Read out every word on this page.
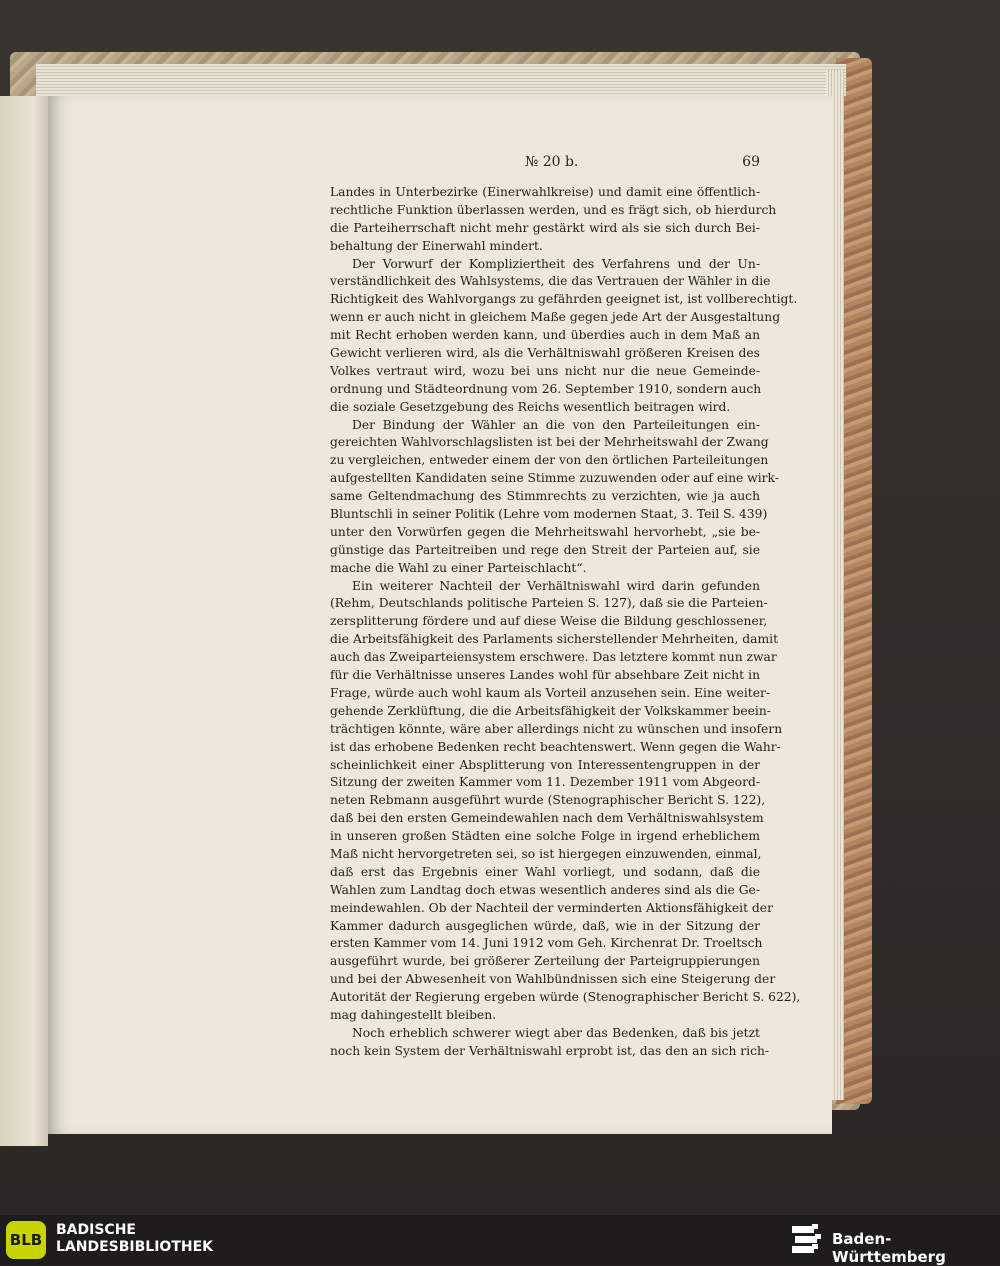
№ 20 b.	69
Landes in Unterbezirke (Einerwahlkreise) und damit eine öffentlich-
rechtliche Funktion überlassen werden, und es frägt sich, ob hierdurch
die Parteiherrschaft nicht mehr gestärkt wird als sie sich durch Bei-
behaltung der Einerwahl mindert.
Der Vorwurf der Kompliziertheit des Verfahrens und der Un-
verständlichkeit des Wahlsystems, die das Vertrauen der Wähler in die
Richtigkeit des Wahlvorgangs zu gefährden geeignet ist, ist vollberechtigt.
wenn er auch nicht in gleichem Maße gegen jede Art der Ausgestaltung
mit Recht erhoben werden kann, und überdies auch in dem Maß an
Gewicht verlieren wird, als die Verhältniswahl größeren Kreisen des
Volkes vertraut wird, wozu bei uns nicht nur die neue Gemeinde-
ordnung und Städteordnung vom 26. September 1910, sondern auch
die soziale Gesetzgebung des Reichs wesentlich beitragen wird.
Der Bindung der Wähler an die von den Parteileitungen ein-
gereichten Wahlvorschlagslisten ist bei der Mehrheitswahl der Zwang
zu vergleichen, entweder einem der von den örtlichen Parteileitungen
aufgestellten Kandidaten seine Stimme zuzuwenden oder auf eine wirk-
same Geltendmachung des Stimmrechts zu verzichten, wie ja auch
Bluntschli in seiner Politik (Lehre vom modernen Staat, 3. Teil S. 439)
unter den Vorwürfen gegen die Mehrheitswahl hervorhebt, „sie be-
günstige das Parteitreiben und rege den Streit der Parteien auf, sie
mache die Wahl zu einer Parteischlacht“.
Ein weiterer Nachteil der Verhältniswahl wird darin gefunden
(Rehm, Deutschlands politische Parteien S. 127), daß sie die Parteien-
zersplitterung fördere und auf diese Weise die Bildung geschlossener,
die Arbeitsfähigkeit des Parlaments sicherstellender Mehrheiten, damit
auch das Zweiparteiensystem erschwere. Das letztere kommt nun zwar
für die Verhältnisse unseres Landes wohl für absehbare Zeit nicht in
Frage, würde auch wohl kaum als Vorteil anzusehen sein. Eine weiter-
gehende Zerklüftung, die die Arbeitsfähigkeit der Volkskammer beein-
trächtigen könnte, wäre aber allerdings nicht zu wünschen und insofern
ist das erhobene Bedenken recht beachtenswert. Wenn gegen die Wahr-
scheinlichkeit einer Absplitterung von Interessentengruppen in der
Sitzung der zweiten Kammer vom 11. Dezember 1911 vom Abgeord-
neten Rebmann ausgeführt wurde (Stenographischer Bericht S. 122),
daß bei den ersten Gemeindewahlen nach dem Verhältniswahlsystem
in unseren großen Städten eine solche Folge in irgend erheblichem
Maß nicht hervorgetreten sei, so ist hiergegen einzuwenden, einmal,
daß erst das Ergebnis einer Wahl vorliegt, und sodann, daß die
Wahlen zum Landtag doch etwas wesentlich anderes sind als die Ge-
meindewahlen. Ob der Nachteil der verminderten Aktionsfähigkeit der
Kammer dadurch ausgeglichen würde, daß, wie in der Sitzung der
ersten Kammer vom 14. Juni 1912 vom Geh. Kirchenrat Dr. Troeltsch
ausgeführt wurde, bei größerer Zerteilung der Parteigruppierungen
und bei der Abwesenheit von Wahlbündnissen sich eine Steigerung der
Autorität der Regierung ergeben würde (Stenographischer Bericht S. 622),
mag dahingestellt bleiben.
Noch erheblich schwerer wiegt aber das Bedenken, daß bis jetzt
noch kein System der Verhältniswahl erprobt ist, das den an sich rich-
BLB
BADISCHE
LANDESBIBLIOTHEK	Baden-Württemberg
